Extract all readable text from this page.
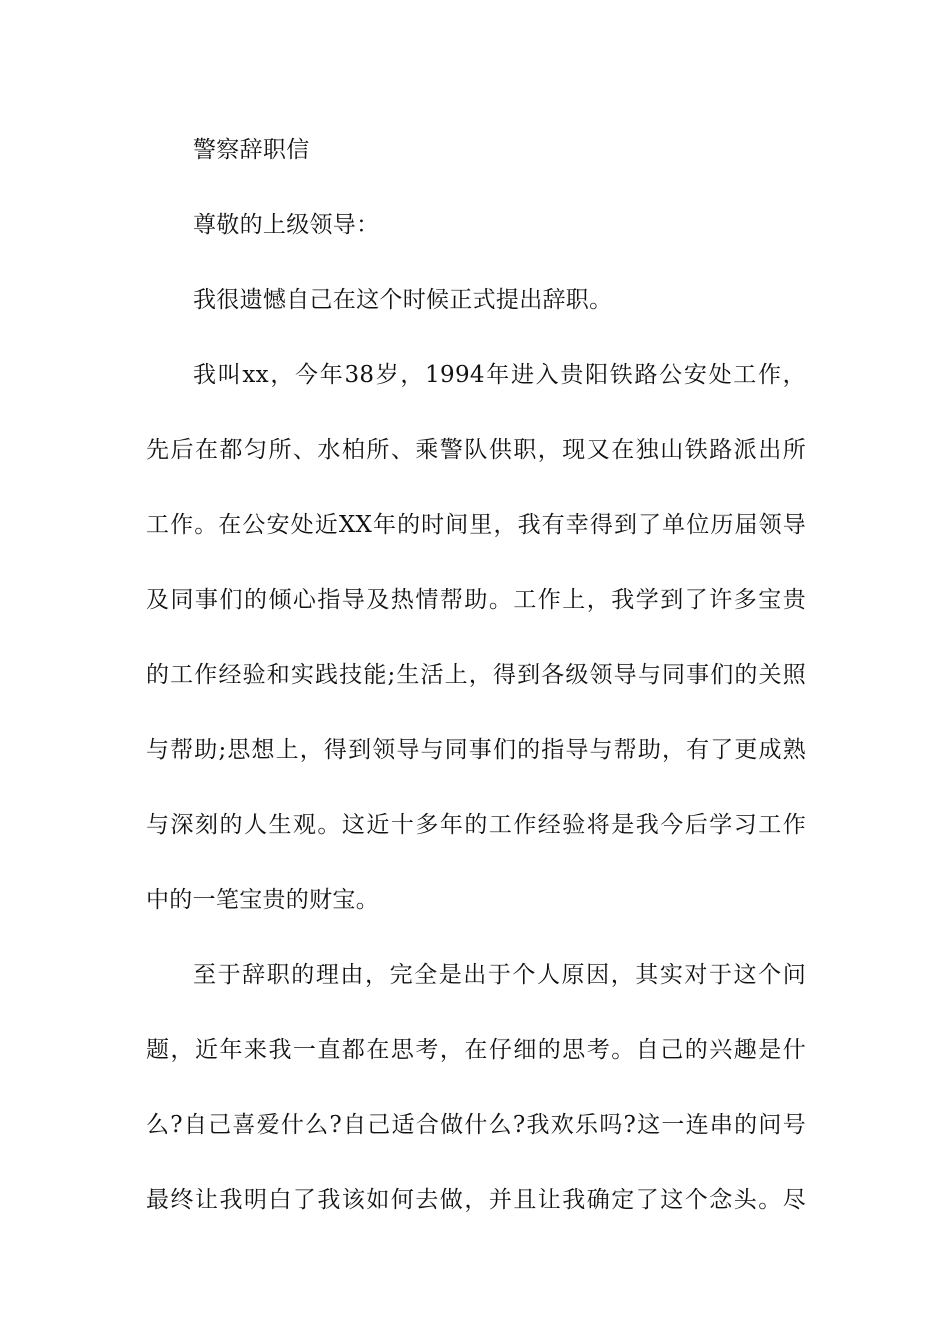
警察辞职信
尊敬的上级领导：
我很遗憾自己在这个时候正式提出辞职。
我叫xx，今年38岁，1994年进入贵阳铁路公安处工作，
先后在都匀所、水柏所、乘警队供职，现又在独山铁路派出所
工作。在公安处近XX年的时间里，我有幸得到了单位历届领导
及同事们的倾心指导及热情帮助。工作上，我学到了许多宝贵
的工作经验和实践技能;生活上，得到各级领导与同事们的关照
与帮助;思想上，得到领导与同事们的指导与帮助，有了更成熟
与深刻的人生观。这近十多年的工作经验将是我今后学习工作
中的一笔宝贵的财宝。
至于辞职的理由，完全是出于个人原因，其实对于这个问
题，近年来我一直都在思考，在仔细的思考。自己的兴趣是什
么?自己喜爱什么?自己适合做什么?我欢乐吗?这一连串的问号
最终让我明白了我该如何去做，并且让我确定了这个念头。尽
